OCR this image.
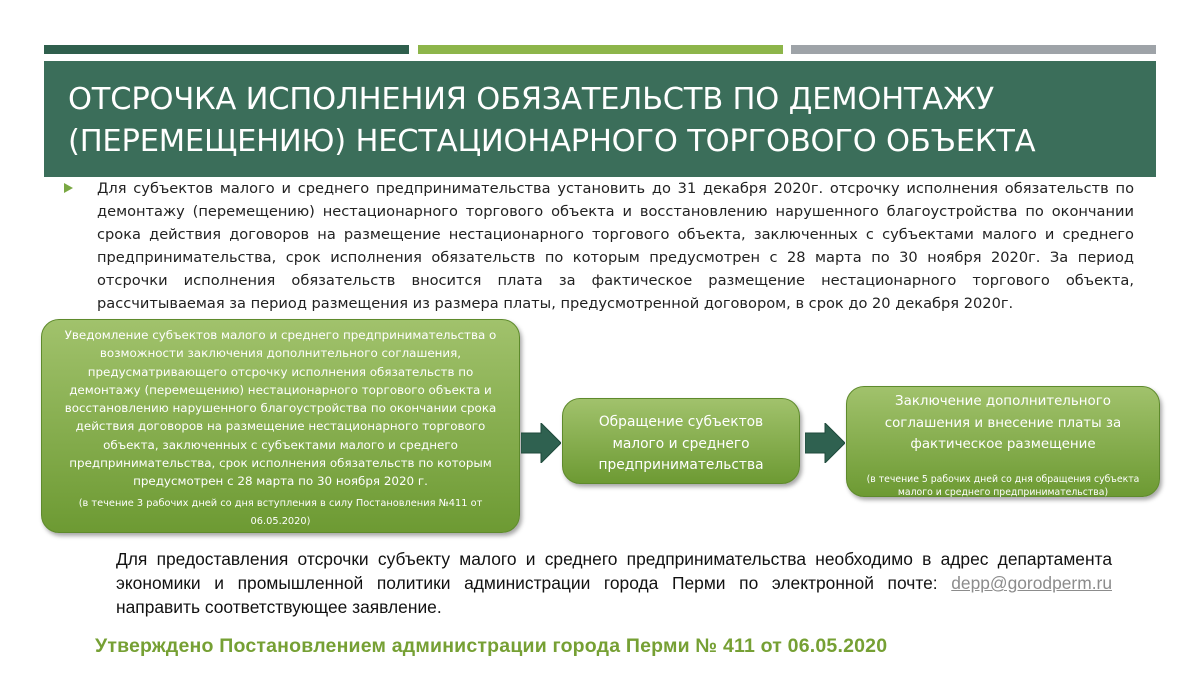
ОТСРОЧКА ИСПОЛНЕНИЯ ОБЯЗАТЕЛЬСТВ ПО ДЕМОНТАЖУ
(ПЕРЕМЕЩЕНИЮ) НЕСТАЦИОНАРНОГО ТОРГОВОГО ОБЪЕКТА
Для субъектов малого и среднего предпринимательства установить до 31 декабря 2020г. отсрочку исполнения обязательств по демонтажу (перемещению) нестационарного торгового объекта и восстановлению нарушенного благоустройства по окончании срока действия договоров на размещение нестационарного торгового объекта, заключенных с субъектами малого и среднего предпринимательства, срок исполнения обязательств по которым предусмотрен с 28 марта по 30 ноября 2020г. За период отсрочки исполнения обязательств вносится плата за фактическое размещение нестационарного торгового объекта, рассчитываемая за период размещения из размера платы, предусмотренной договором, в срок до 20 декабря 2020г.
Уведомление субъектов малого и среднего предпринимательства о возможности заключения дополнительного соглашения, предусматривающего отсрочку исполнения обязательств по демонтажу (перемещению) нестационарного торгового объекта и восстановлению нарушенного благоустройства по окончании срока действия договоров на размещение нестационарного торгового объекта, заключенных с субъектами малого и среднего предпринимательства, срок исполнения обязательств по которым предусмотрен с 28 марта по 30 ноября 2020 г.
(в течение 3 рабочих дней со дня вступления в силу Постановления №411 от 06.05.2020)
Обращение субъектов малого и среднего предпринимательства
Заключение дополнительного соглашения и внесение платы за фактическое размещение
(в течение 5 рабочих дней со дня обращения субъекта малого и среднего предпринимательства)
Для предоставления отсрочки субъекту малого и среднего предпринимательства необходимо в адрес департамента экономики и промышленной политики администрации города Перми по электронной почте: depp@gorodperm.ru направить соответствующее заявление.
Утверждено Постановлением администрации города Перми № 411 от 06.05.2020
